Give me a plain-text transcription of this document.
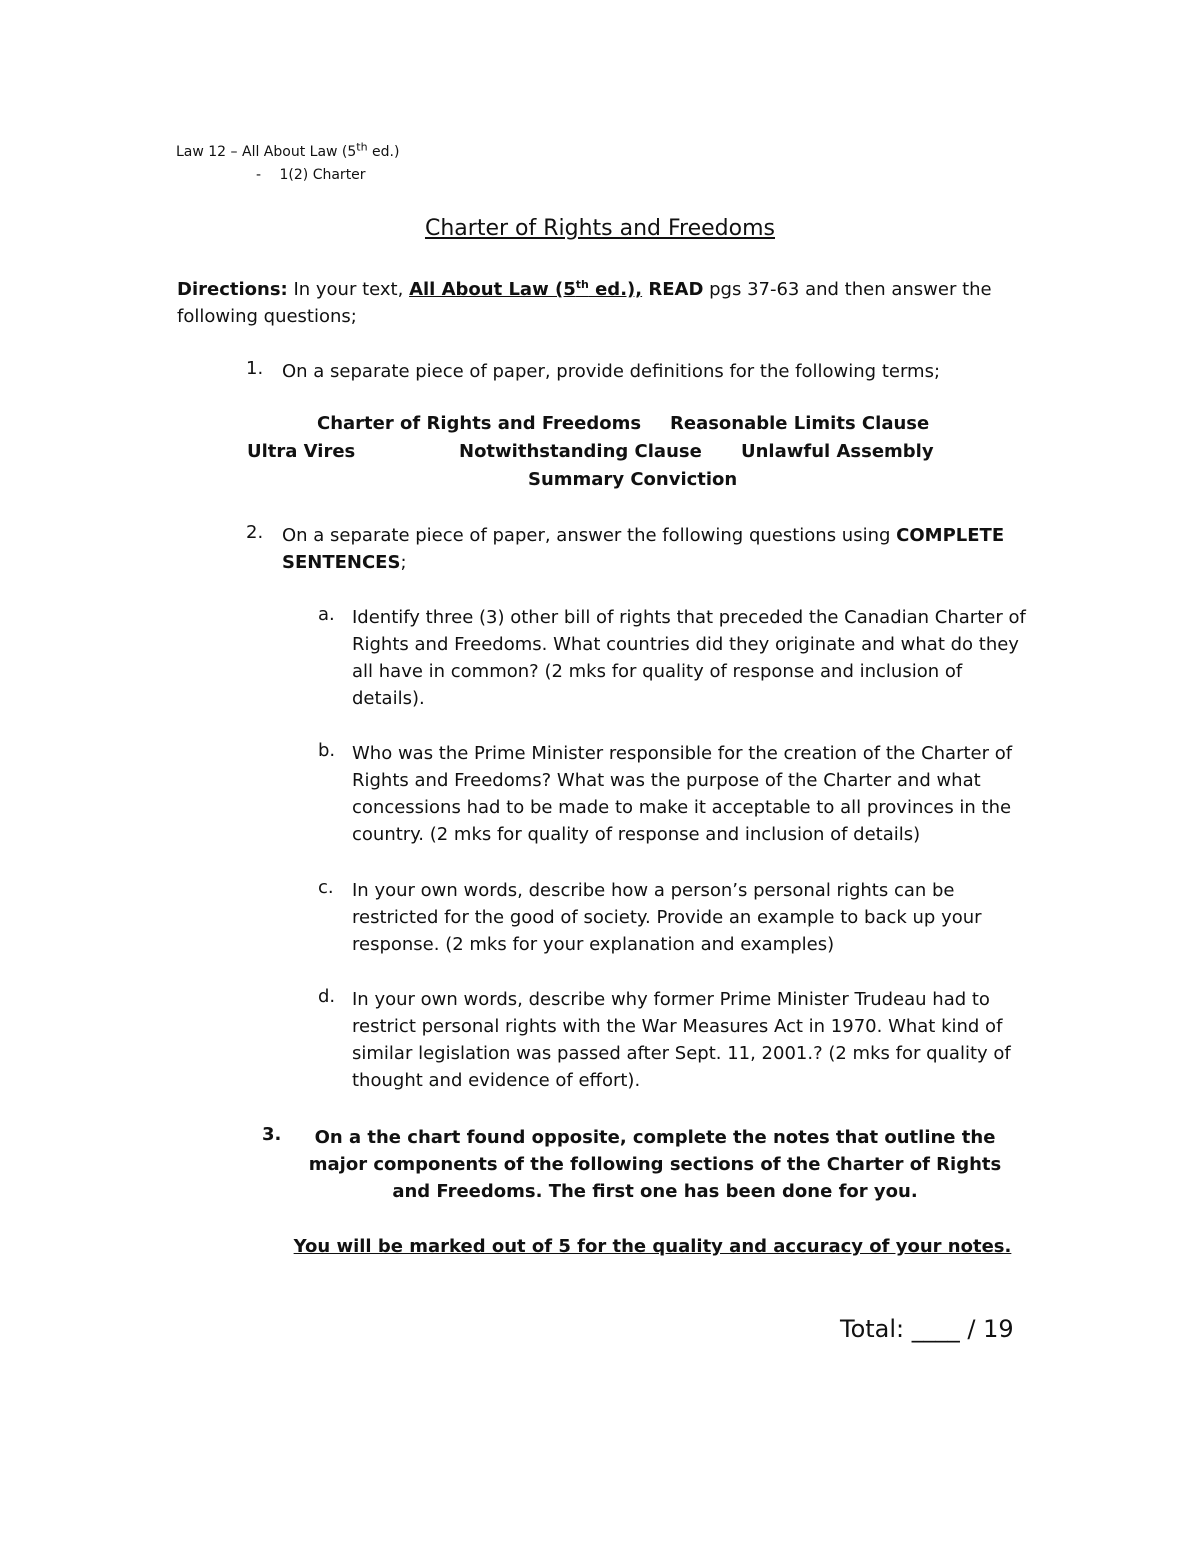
Law 12 – All About Law (5th ed.)
- 1(2) Charter
Charter of Rights and Freedoms
Directions: In your text, All About Law (5th ed.), READ pgs 37-63 and then answer the following questions;
1. On a separate piece of paper, provide definitions for the following terms;
Charter of Rights and Freedoms Reasonable Limits Clause
Ultra Vires	Notwithstanding Clause Unlawful Assembly
Summary Conviction
2. On a separate piece of paper, answer the following questions using COMPLETE SENTENCES;
a. Identify three (3) other bill of rights that preceded the Canadian Charter of Rights and Freedoms. What countries did they originate and what do they all have in common? (2 mks for quality of response and inclusion of details).
b. Who was the Prime Minister responsible for the creation of the Charter of Rights and Freedoms? What was the purpose of the Charter and what concessions had to be made to make it acceptable to all provinces in the country. (2 mks for quality of response and inclusion of details)
c. In your own words, describe how a person’s personal rights can be restricted for the good of society. Provide an example to back up your response. (2 mks for your explanation and examples)
d. In your own words, describe why former Prime Minister Trudeau had to restrict personal rights with the War Measures Act in 1970. What kind of similar legislation was passed after Sept. 11, 2001.? (2 mks for quality of thought and evidence of effort).
3.	On a the chart found opposite, complete the notes that outline the major components of the following sections of the Charter of Rights and Freedoms. The first one has been done for you.
You will be marked out of 5 for the quality and accuracy of your notes.
Total: ____ / 19
